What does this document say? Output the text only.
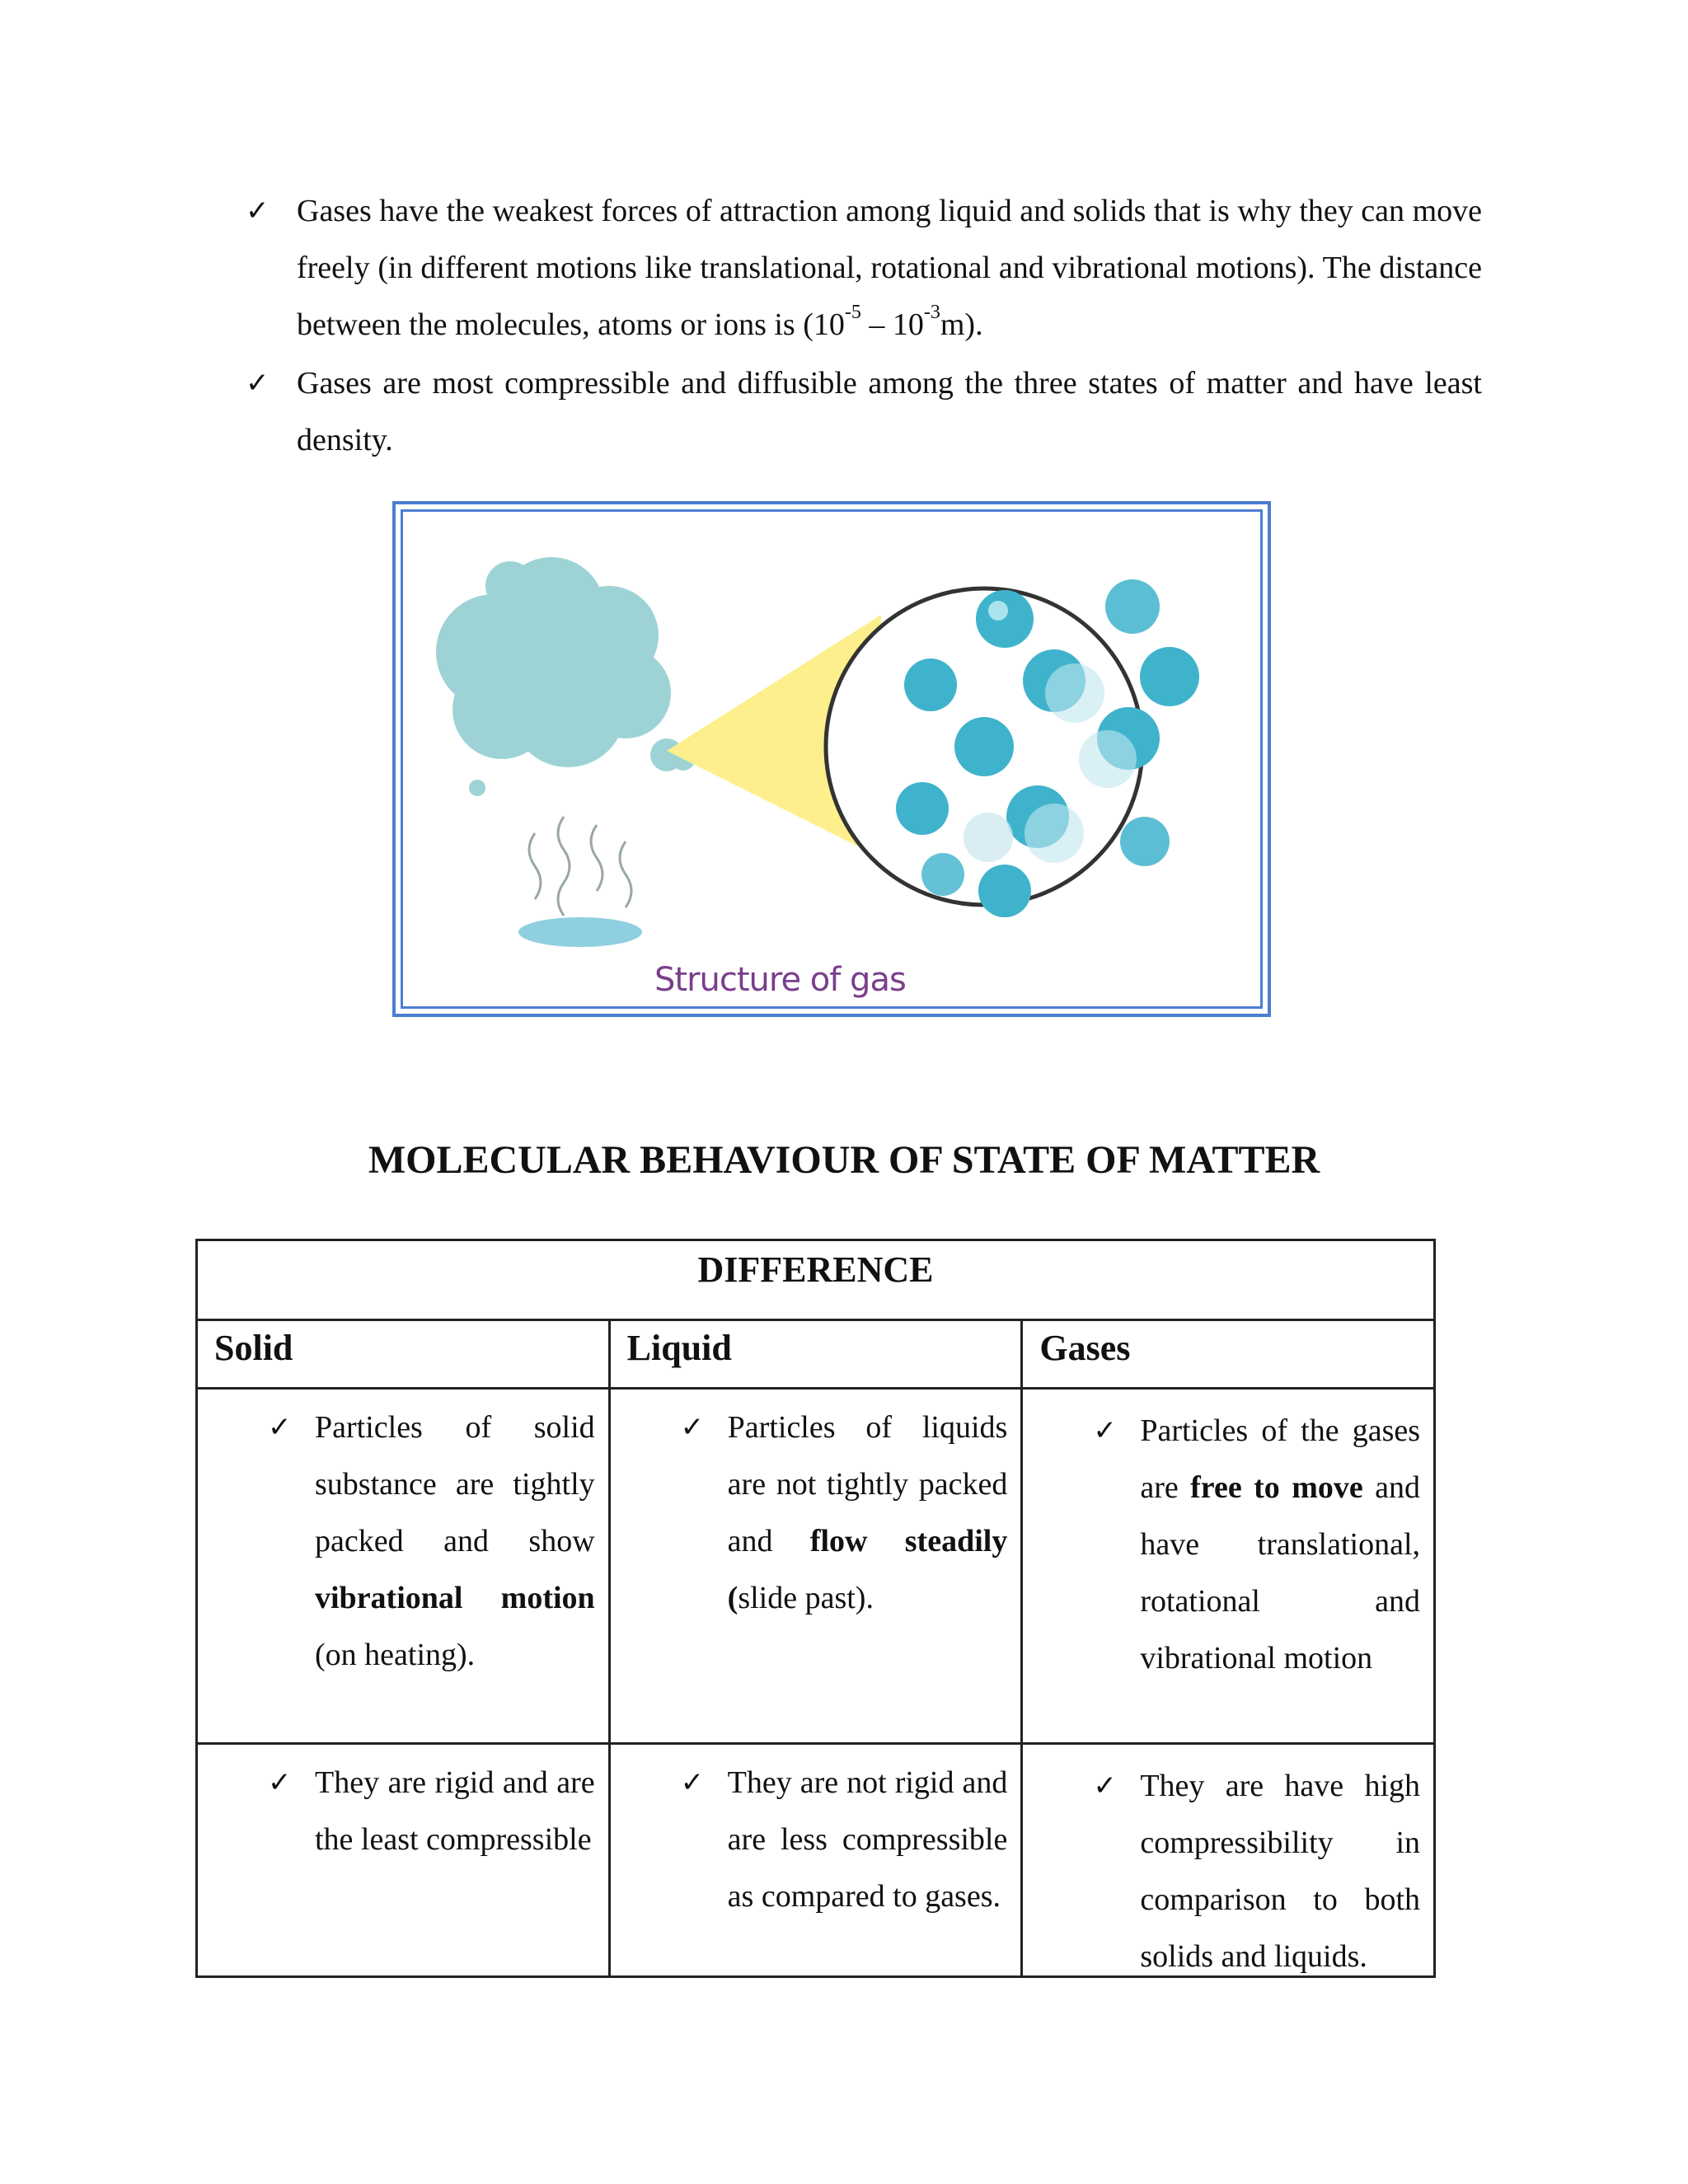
✓ Gases have the weakest forces of attraction among liquid and solids that is why they can move freely (in different motions like translational, rotational and vibrational motions). The distance between the molecules, atoms or ions is $(10^{-5} - 10^{-3}m)$.

✓ Gases are most compressible and diffusible among the three states of matter and have least density.

Structure of gas
MOLECULAR BEHAVIOUR OF STATE OF MATTER
DIFFERENCE
Solid	Liquid	Gases
✓ Particles of solid substance are tightly packed and show vibrational motion (on heating).
✓ Particles of liquids are not tightly packed and flow steadily (slide past).
✓ Particles of the gases are free to move and have translational, rotational and vibrational motion
✓ They are rigid and are the least compressible
✓ They are not rigid and are less compressible as compared to gases.
✓ They are have high compressibility in comparison to both solids and liquids.
